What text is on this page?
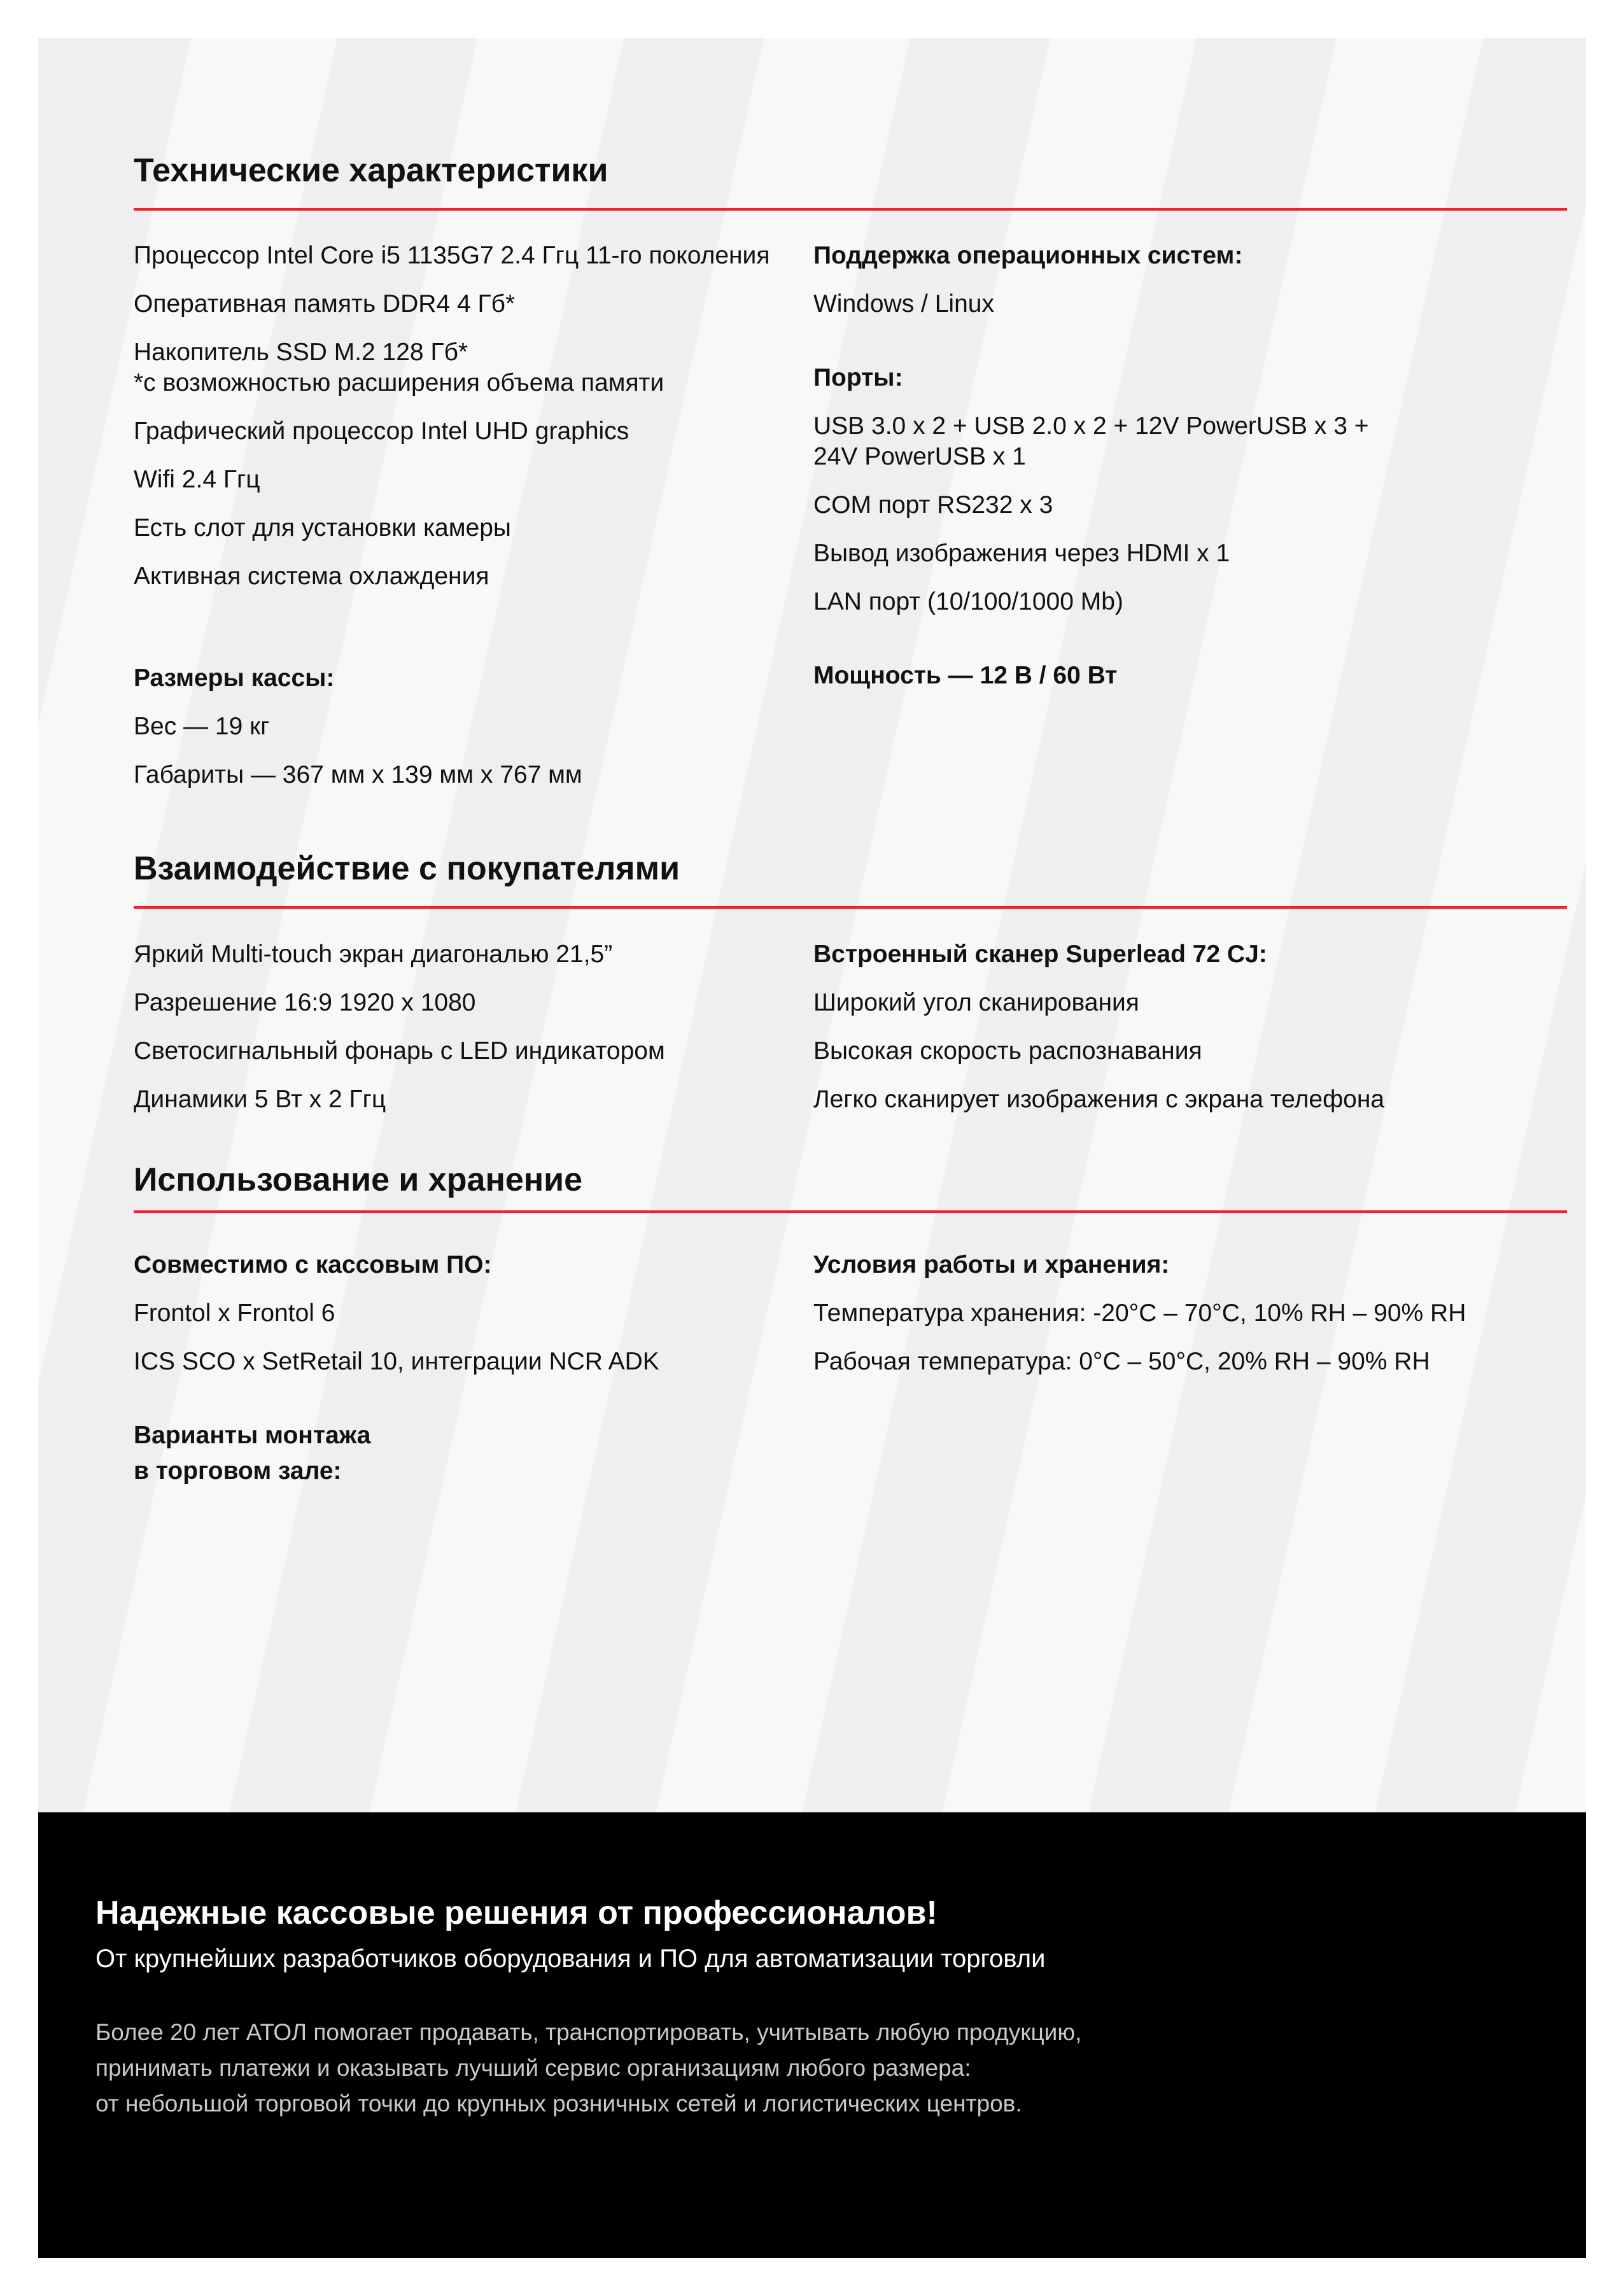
Технические характеристики

Процессор Intel Core i5 1135G7 2.4 Ггц 11-го поколения

Оперативная память DDR4 4 Гб*

Накопитель SSD M.2 128 Гб*

*с возможностью расширения объема памяти

Графический процессор Intel UHD graphics

Wifi 2.4 Ггц

Есть слот для установки камеры

Активная система охлаждения

Размеры кассы:

Вес — 19 кг

Габариты — 367 мм х 139 мм х 767 мм

Поддержка операционных систем:

Windows / Linux

Порты:

USB 3.0 x 2 + USB 2.0 x 2 + 12V PowerUSB x 3 +

24V PowerUSB x 1

COM порт RS232 x 3

Вывод изображения через HDMI x 1

LAN порт (10/100/1000 Mb)

Мощность — 12 В / 60 Вт

Взаимодействие с покупателями

Яркий Multi-touch экран диагональю 21,5”

Разрешение 16:9 1920 x 1080

Светосигнальный фонарь с LED индикатором

Динамики 5 Вт х 2 Ггц

Встроенный сканер Superlead 72 CJ:

Широкий угол сканирования

Высокая скорость распознавания

Легко сканирует изображения с экрана телефона

Использование и хранение

Совместимо с кассовым ПО:

Frontol x Frontol 6

ICS SCO x SetRetail 10, интеграции NCR ADK

Варианты монтажа

в торговом зале:

Условия работы и хранения:

Температура хранения: -20°C – 70°C, 10% RH – 90% RH

Рабочая температура: 0°C – 50°C, 20% RH – 90% RH

Надежные кассовые решения от профессионалов!

От крупнейших разработчиков оборудования и ПО для автоматизации торговли

Более 20 лет АТОЛ помогает продавать, транспортировать, учитывать любую продукцию,
принимать платежи и оказывать лучший сервис организациям любого размера:
от небольшой торговой точки до крупных розничных сетей и логистических центров.
